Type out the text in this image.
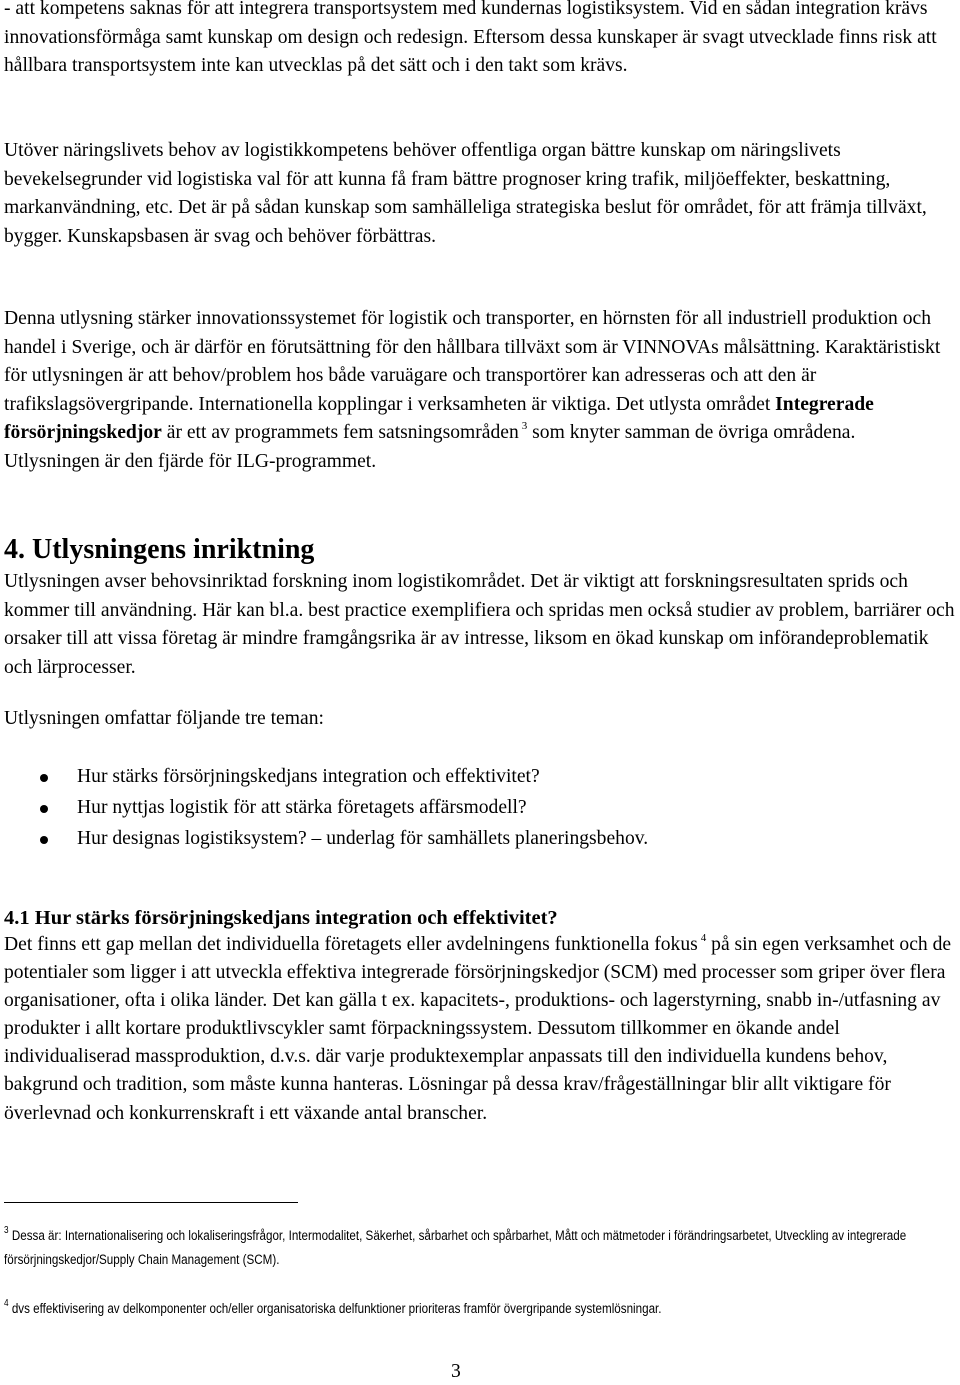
- att kompetens saknas för att integrera transportsystem med kundernas logistiksystem. Vid en sådan integration krävs innovationsförmåga samt kunskap om design och redesign. Eftersom dessa kunskaper är svagt utvecklade finns risk att hållbara transportsystem inte kan utvecklas på det sätt och i den takt som krävs.

Utöver näringslivets behov av logistikkompetens behöver offentliga organ bättre kunskap om näringslivets bevekelsegrunder vid logistiska val för att kunna få fram bättre prognoser kring trafik, miljöeffekter, beskattning, markanvändning, etc. Det är på sådan kunskap som samhälleliga strategiska beslut för området, för att främja tillväxt, bygger. Kunskapsbasen är svag och behöver förbättras.

Denna utlysning stärker innovationssystemet för logistik och transporter, en hörnsten för all industriell produktion och handel i Sverige, och är därför en förutsättning för den hållbara tillväxt som är VINNOVAs målsättning. Karaktäristiskt för utlysningen är att behov/problem hos både varuägare och transportörer kan adresseras och att den är trafikslagsövergripande. Internationella kopplingar i verksamheten är viktiga. Det utlysta området Integrerade försörjningskedjor är ett av programmets fem satsningsområden $^3$ som knyter samman de övriga områdena. Utlysningen är den fjärde för ILG-programmet.

4. Utlysningens inriktning

Utlysningen avser behovsinriktad forskning inom logistikområdet. Det är viktigt att forskningsresultaten sprids och kommer till användning. Här kan bl.a. best practice exemplifiera och spridas men också studier av problem, barriärer och orsaker till att vissa företag är mindre framgångsrika är av intresse, liksom en ökad kunskap om införandeproblematik och lärprocesser.

Utlysningen omfattar följande tre teman:

Hur stärks försörjningskedjans integration och effektivitet?
Hur nyttjas logistik för att stärka företagets affärsmodell?
Hur designas logistiksystem? – underlag för samhällets planeringsbehov.
4.1 Hur stärks försörjningskedjans integration och effektivitet?

Det finns ett gap mellan det individuella företagets eller avdelningens funktionella fokus $^4$ på sin egen verksamhet och de potentialer som ligger i att utveckla effektiva integrerade försörjningskedjor (SCM) med processer som griper över flera organisationer, ofta i olika länder. Det kan gälla t ex. kapacitets-, produktions- och lagerstyrning, snabb in-/utfasning av produkter i allt kortare produktlivscykler samt förpackningssystem. Dessutom tillkommer en ökande andel individualiserad massproduktion, d.v.s. där varje produktexemplar anpassats till den individuella kundens behov, bakgrund och tradition, som måste kunna hanteras. Lösningar på dessa krav/frågeställningar blir allt viktigare för överlevnad och konkurrenskraft i ett växande antal branscher.

$^3$ Dessa är: Internationalisering och lokaliseringsfrågor, Intermodalitet, Säkerhet, sårbarhet och spårbarhet, Mått och mätmetoder i förändringsarbetet, Utveckling av integrerade försörjningskedjor/Supply Chain Management (SCM).

$^4$ dvs effektivisering av delkomponenter och/eller organisatoriska delfunktioner prioriteras framför övergripande systemlösningar.

3
